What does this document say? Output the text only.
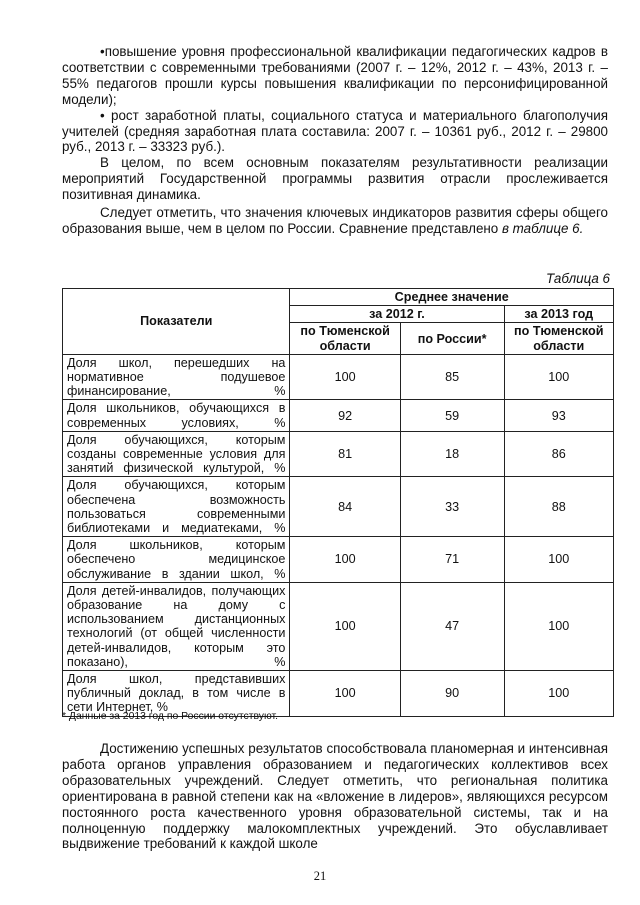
•повышение уровня профессиональной квалификации педагогических кадров в соответствии с современными требованиями (2007 г. – 12%, 2012 г. – 43%, 2013 г. – 55% педагогов прошли курсы повышения квалификации по персонифицированной модели);

• рост заработной платы, социального статуса и материального благополучия учителей (средняя заработная плата составила: 2007 г. – 10361 руб., 2012 г. – 29800 руб., 2013 г. – 33323 руб.).

В целом, по всем основным показателям результативности реализации мероприятий Государственной программы развития отрасли прослеживается позитивная динамика.

Следует отметить, что значения ключевых индикаторов развития сферы общего образования выше, чем в целом по России. Сравнение представлено в таблице 6.

Таблица 6
Показатели	Среднее значение		
	за 2012 г.		за 2013 год
	по Тюменской области	по России*	по Тюменской области
Доля школ, перешедших на нормативное подушевое финансирование, %	100	85	100
Доля школьников, обучающихся в современных условиях, %	92	59	93
Доля обучающихся, которым созданы современные условия для занятий физической культурой, %	81	18	86
Доля обучающихся, которым обеспечена возможность пользоваться современными библиотеками и медиатеками, %	84	33	88
Доля школьников, которым обеспечено медицинское обслуживание в здании школ, %	100	71	100
Доля детей-инвалидов, получающих образование на дому с использованием дистанционных технологий (от общей численности детей-инвалидов, которым это показано), %	100	47	100
Доля школ, представивших публичный доклад, в том числе в сети Интернет, %	100	90	100
* Данные за 2013 год по России отсутствуют.

Достижению успешных результатов способствовала планомерная и интенсивная работа органов управления образованием и педагогических коллективов всех образовательных учреждений. Следует отметить, что региональная политика ориентирована в равной степени как на «вложение в лидеров», являющихся ресурсом постоянного роста качественного уровня образовательной системы, так и на полноценную поддержку малокомплектных учреждений. Это обуславливает выдвижение требований к каждой школе

21
